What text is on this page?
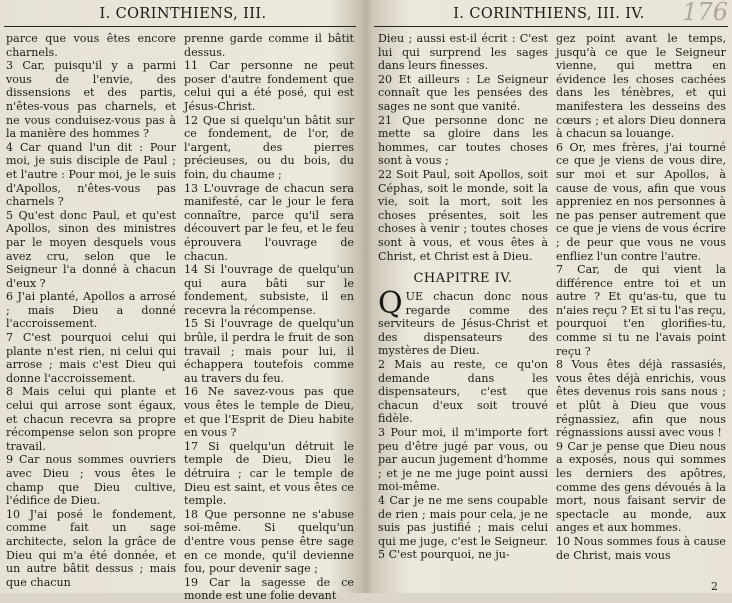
I. CORINTHIENS, III.

parce que vous êtes encore charnels.

3 Car, puisqu'il y a parmi vous de l'envie, des dissensions et des partis, n'êtes-vous pas charnels, et ne vous conduisez-vous pas à la manière des hommes ?

4 Car quand l'un dit : Pour moi, je suis disciple de Paul ; et l'autre : Pour moi, je le suis d'Apollos, n'êtes-vous pas charnels ?

5 Qu'est donc Paul, et qu'est Apollos, sinon des ministres par le moyen desquels vous avez cru, selon que le Seigneur l'a donné à chacun d'eux ?

6 J'ai planté, Apollos a arrosé ; mais Dieu a donné l'accroissement.

7 C'est pourquoi celui qui plante n'est rien, ni celui qui arrose ; mais c'est Dieu qui donne l'accroissement.

8 Mais celui qui plante et celui qui arrose sont égaux, et chacun recevra sa propre récompense selon son propre travail.

9 Car nous sommes ouvriers avec Dieu ; vous êtes le champ que Dieu cultive, l'édifice de Dieu.

10 J'ai posé le fondement, comme fait un sage architecte, selon la grâce de Dieu qui m'a été donnée, et un autre bâtit dessus ; mais que chacun

prenne garde comme il bâtit dessus.

11 Car personne ne peut poser d'autre fondement que celui qui a été posé, qui est Jésus-Christ.

12 Que si quelqu'un bâtit sur ce fondement, de l'or, de l'argent, des pierres précieuses, ou du bois, du foin, du chaume ;

13 L'ouvrage de chacun sera manifesté, car le jour le fera connaître, parce qu'il sera découvert par le feu, et le feu éprouvera l'ouvrage de chacun.

14 Si l'ouvrage de quelqu'un qui aura bâti sur le fondement, subsiste, il en recevra la récompense.

15 Si l'ouvrage de quelqu'un brûle, il perdra le fruit de son travail ; mais pour lui, il échappera toutefois comme au travers du feu.

16 Ne savez-vous pas que vous êtes le temple de Dieu, et que l'Esprit de Dieu habite en vous ?

17 Si quelqu'un détruit le temple de Dieu, Dieu le détruira ; car le temple de Dieu est saint, et vous êtes ce temple.

18 Que personne ne s'abuse soi-même. Si quelqu'un d'entre vous pense être sage en ce monde, qu'il devienne fou, pour devenir sage ;

19 Car la sagesse de ce monde est une folie devant

I. CORINTHIENS, III. IV.	176

Dieu ; aussi est-il écrit : C'est lui qui surprend les sages dans leurs finesses.

20 Et ailleurs : Le Seigneur connaît que les pensées des sages ne sont que vanité.

21 Que personne donc ne mette sa gloire dans les hommes, car toutes choses sont à vous ;

22 Soit Paul, soit Apollos, soit Céphas, soit le monde, soit la vie, soit la mort, soit les choses présentes, soit les choses à venir ; toutes choses sont à vous, et vous êtes à Christ, et Christ est à Dieu.

CHAPITRE IV.

QUE chacun donc nous regarde comme des serviteurs de Jésus-Christ et des dispensateurs des mystères de Dieu.

2 Mais au reste, ce qu'on demande dans les dispensateurs, c'est que chacun d'eux soit trouvé fidèle.

3 Pour moi, il m'importe fort peu d'être jugé par vous, ou par aucun jugement d'homme ; et je ne me juge point aussi moi-même.

4 Car je ne me sens coupable de rien ; mais pour cela, je ne suis pas justifié ; mais celui qui me juge, c'est le Seigneur.

5 C'est pourquoi, ne ju-

gez point avant le temps, jusqu'à ce que le Seigneur vienne, qui mettra en évidence les choses cachées dans les ténèbres, et qui manifestera les desseins des cœurs ; et alors Dieu donnera à chacun sa louange.

6 Or, mes frères, j'ai tourné ce que je viens de vous dire, sur moi et sur Apollos, à cause de vous, afin que vous appreniez en nos personnes à ne pas penser autrement que ce que je viens de vous écrire ; de peur que vous ne vous enfliez l'un contre l'autre.

7 Car, de qui vient la différence entre toi et un autre ? Et qu'as-tu, que tu n'aies reçu ? Et si tu l'as reçu, pourquoi t'en glorifies-tu, comme si tu ne l'avais point reçu ?

8 Vous êtes déjà rassasiés, vous êtes déjà enrichis, vous êtes devenus rois sans nous ; et plût à Dieu que vous régnassiez, afin que nous régnassions aussi avec vous !

9 Car je pense que Dieu nous a exposés, nous qui sommes les derniers des apôtres, comme des gens dévoués à la mort, nous faisant servir de spectacle au monde, aux anges et aux hommes.

10 Nous sommes fous à cause de Christ, mais vous

2
